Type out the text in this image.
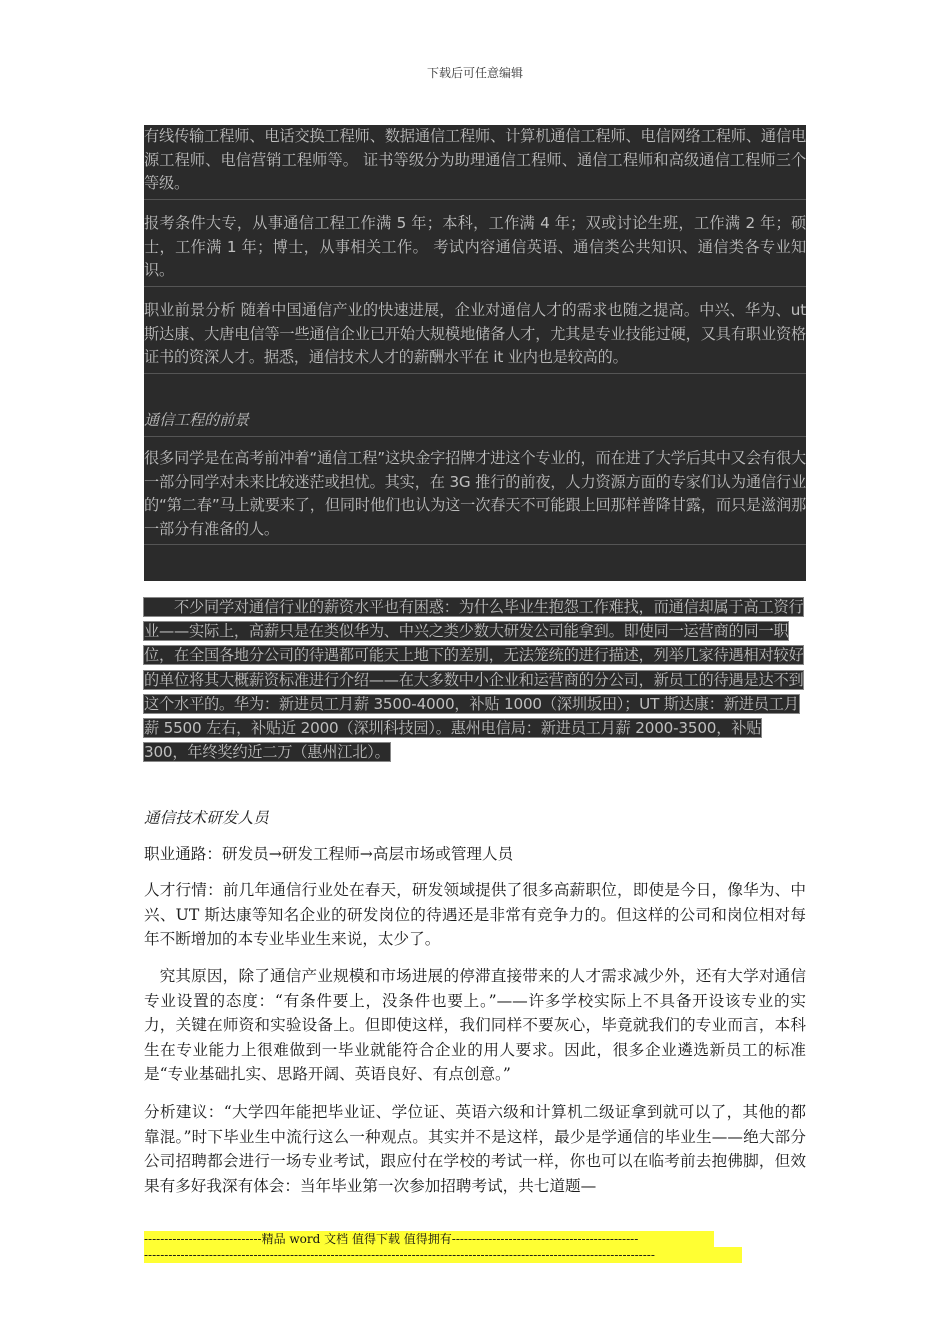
下载后可任意编辑
有线传输工程师、电话交换工程师、数据通信工程师、计算机通信工程师、电信网络工程师、通信电源工程师、电信营销工程师等。 证书等级分为助理通信工程师、通信工程师和高级通信工程师三个等级。
报考条件大专，从事通信工程工作满 5 年；本科，工作满 4 年；双或讨论生班，工作满 2 年；硕士，工作满 1 年；博士，从事相关工作。 考试内容通信英语、通信类公共知识、通信类各专业知识。
职业前景分析 随着中国通信产业的快速进展，企业对通信人才的需求也随之提高。中兴、华为、ut 斯达康、大唐电信等一些通信企业已开始大规模地储备人才，尤其是专业技能过硬，又具有职业资格证书的资深人才。据悉，通信技术人才的薪酬水平在 it 业内也是较高的。
通信工程的前景
很多同学是在高考前冲着“通信工程”这块金字招牌才进这个专业的，而在进了大学后其中又会有很大一部分同学对未来比较迷茫或担忧。其实，在 3G 推行的前夜，人力资源方面的专家们认为通信行业的“第二春”马上就要来了，但同时他们也认为这一次春天不可能跟上回那样普降甘露，而只是滋润那一部分有准备的人。
　　不少同学对通信行业的薪资水平也有困惑：为什么毕业生抱怨工作难找，而通信却属于高工资行业——实际上，高薪只是在类似华为、中兴之类少数大研发公司能拿到。即使同一运营商的同一职位，在全国各地分公司的待遇都可能天上地下的差别，无法笼统的进行描述，列举几家待遇相对较好的单位将其大概薪资标准进行介绍——在大多数中小企业和运营商的分公司，新员工的待遇是达不到这个水平的。华为：新进员工月薪 3500-4000，补贴 1000（深圳坂田）；UT 斯达康：新进员工月薪 5500 左右，补贴近 2000（深圳科技园）。惠州电信局：新进员工月薪 2000-3500，补贴 300，年终奖约近二万（惠州江北）。
通信技术研发人员
职业通路：研发员→研发工程师→高层市场或管理人员
人才行情：前几年通信行业处在春天，研发领域提供了很多高薪职位，即使是今日，像华为、中兴、UT 斯达康等知名企业的研发岗位的待遇还是非常有竞争力的。但这样的公司和岗位相对每年不断增加的本专业毕业生来说，太少了。
究其原因，除了通信产业规模和市场进展的停滞直接带来的人才需求减少外，还有大学对通信专业设置的态度：“有条件要上，没条件也要上。”——许多学校实际上不具备开设该专业的实力，关键在师资和实验设备上。但即使这样，我们同样不要灰心，毕竟就我们的专业而言，本科生在专业能力上很难做到一毕业就能符合企业的用人要求。因此，很多企业遴选新员工的标准是“专业基础扎实、思路开阔、英语良好、有点创意。”
分析建议：“大学四年能把毕业证、学位证、英语六级和计算机二级证拿到就可以了，其他的都靠混。”时下毕业生中流行这么一种观点。其实并不是这样，最少是学通信的毕业生——绝大部分公司招聘都会进行一场专业考试，跟应付在学校的考试一样，你也可以在临考前去抱佛脚，但效果有多好我深有体会：当年毕业第一次参加招聘考试，共七道题—
-----------------------------精品 word 文档 值得下载 值得拥有----------------------------------------------
------------------------------------------------------------------------------------------------------------------------------
